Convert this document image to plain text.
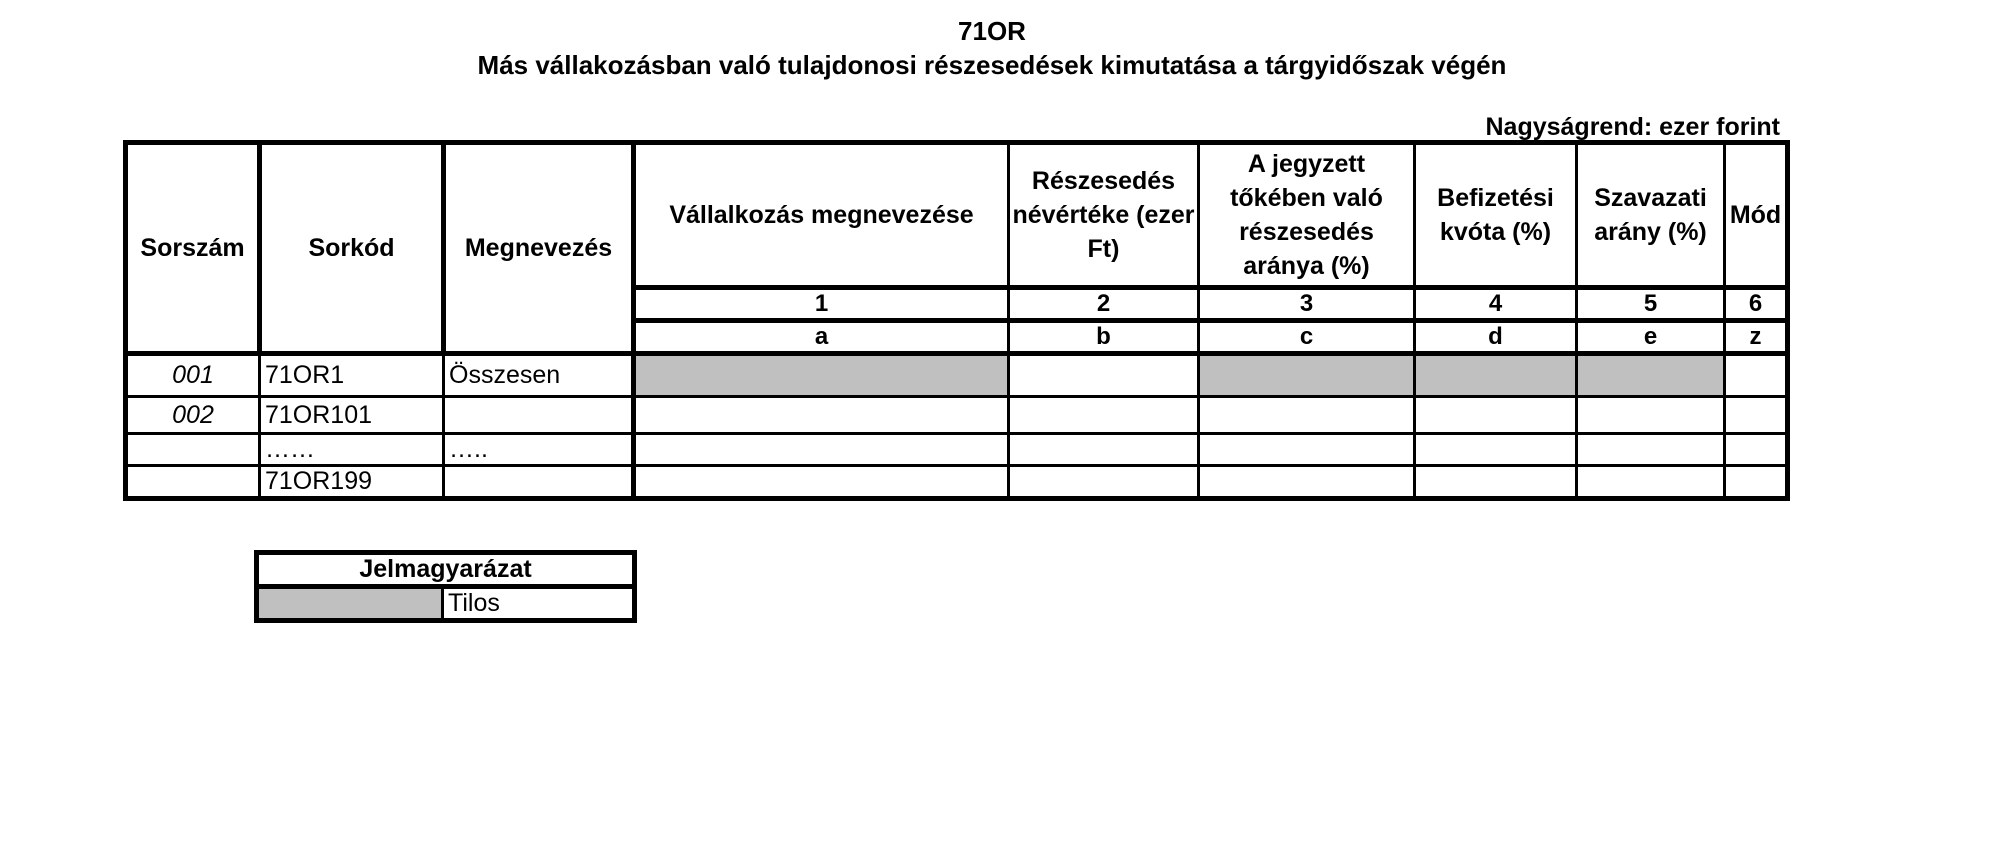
71OR
Más vállakozásban való tulajdonosi részesedések kimutatása a tárgyidőszak végén
Nagyságrend: ezer forint
Sorszám	Sorkód	Megnevezés	Vállalkozás megnevezése	Részesedés névértéke (ezer Ft)	A jegyzett tőkében való részesedés aránya (%)	Befizetési kvóta (%)	Szavazati arány (%)	Mód
			1	2	3	4	5	6
			a	b	c	d	e	z
001	71OR1	Összesen						
002	71OR101							
	……	…..						
	71OR199							
Jelmagyarázat
	Tilos
